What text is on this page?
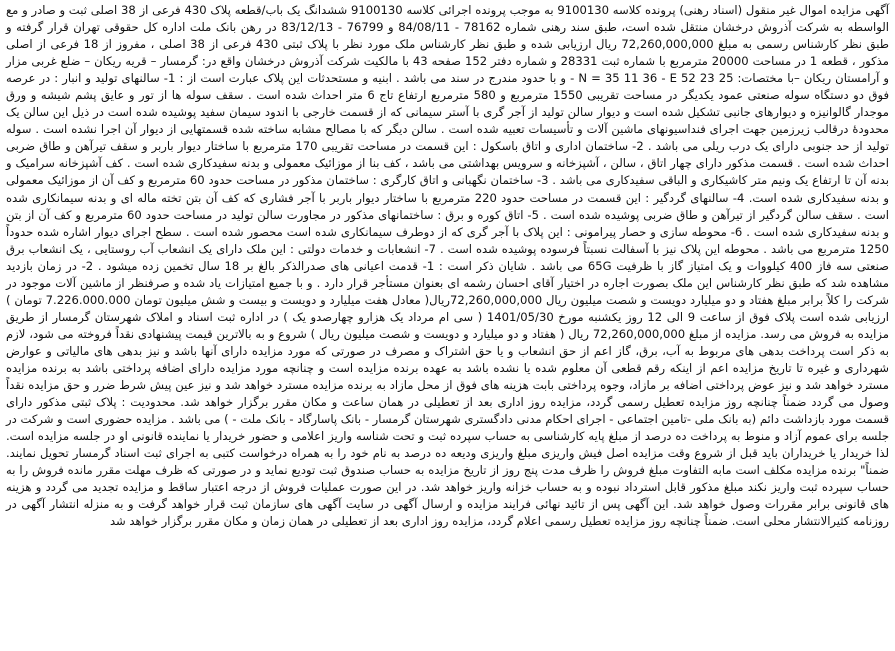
آگهی مزایده اموال غیر منقول (اسناد رهنی) پرونده کلاسه 9100130 به موجب پرونده اجرائی کلاسه 9100130 ششدانگ یک باب/قطعه پلاک 430 فرعی از 38 اصلی ثبت و صادر و مع الواسطه به شرکت آذروش درخشان منتقل شده است، طبق سند رهنی شماره 78162 - 84/08/11 و 76799 - 83/12/13 در رهن بانک ملت اداره کل حقوقی تهران قرار گرفته و طبق نظر کارشناس رسمی به مبلغ 72,260,000,000 ریال ارزیابی شده و طبق نظر کارشناس ملک مورد نظر با پلاک ثبتی 430 فرعی از 38 اصلی ، مفروز از 18 فرعی از اصلی مذکور ، قطعه 1 در مساحت 20000 مترمربع با شماره ثبت 28331 و شماره دفتر 152 صفحه 43 با مالکیت شرکت آذروش درخشان واقع در: گرمسار – قریه ریکان – ضلع غربی مزار و آرامستان ریکان –با مختصات: N = 35 11 36 - E 52 23 25 - و با حدود مندرج در سند می باشد . ابنیه و مستحدثات این پلاک عبارت است از : 1- سالنهای تولید و انبار : در عرصه فوق دو دستگاه سوله صنعتی عمود یکدیگر در مساحت تقریبی 1550 مترمربع و 580 مترمربع ارتفاع تاج 6 متر احداث شده است . سقف سوله ها از تور و عایق پشم شیشه و ورق موجدار گالوانیزه و دیوارهای جانبی تشکیل شده است و دیوار سالن تولید از آجر گری با آستر سیمانی که از قسمت خارجی با اندود سیمان سفید پوشیده شده است در ذیل این سالن یک محدودهٔ درقالب زیرزمین جهت اجرای فنداسیونهای ماشین آلات و تأسیسات تعبیه شده است . سالن دیگر که با مصالح مشابه ساخته شده قسمتهایی از دیوار آن اجرا نشده است . سوله تولید از حد جنوبی دارای یک درب ریلی می باشد . 2- ساختمان اداری و اتاق باسکول : این قسمت در مساحت تقریبی 170 مترمربع با ساختار دیوار باربر و سقف تیرآهن و طاق ضربی احداث شده است . قسمت مذکور دارای چهار اتاق ، سالن ، آشپزخانه و سرویس بهداشتی می باشد ، کف بنا از موزائیک معمولی و بدنه سفیدکاری شده است . کف آشپزخانه سرامیک و بدنه آن تا ارتفاع یک ونیم متر کاشیکاری و الباقی سفیدکاری می باشد . 3- ساختمان نگهبانی و اتاق کارگری : ساختمان مذکور در مساحت حدود 60 مترمربع و کف آن از موزائیک معمولی و بدنه سفیدکاری شده است. 4- سالنهای گردگیر : این قسمت در مساحت حدود 220 مترمربع با ساختار دیوار باربر با آجر فشاری که کف آن بتن تخته ماله ای و بدنه سیمانکاری شده است . سقف سالن گردگیر از تیرآهن و طاق ضربی پوشیده شده است . 5- اتاق کوره و برق : ساختمانهای مذکور در مجاورت سالن تولید در مساحت حدود 60 مترمربع و کف آن از بتن و بدنه سفیدکاری شده است . 6- محوطه سازی و حصار پیرامونی : این پلاک با آجر گری که از دوطرف سیمانکاری شده است محصور شده است . سطح اجرای دیوار اشاره شده حدوداً 1250 مترمربع می باشد . محوطه این پلاک نیز با آسفالت نسبتاً فرسوده پوشیده شده است . 7- انشعابات و خدمات دولتی : این ملک دارای یک انشعاب آب روستایی ، یک انشعاب برق صنعتی سه فاز 400 کیلووات و یک امتیاز گاز با ظرفیت 65G می باشد . شایان ذکر است : 1- قدمت اعیانی های صدرالذکر بالغ بر 18 سال تخمین زده میشود . 2- در زمان بازدید مشاهده شد که طبق نظر کارشناس این ملک بصورت اجاره در اختیار آقای احسان رشمه ای بعنوان مستأجر قرار دارد . و با جمیع امتیازات یاد شده و صرفنظر از ماشین آلات موجود در شرکت را کلاً برابر مبلغ هفتاد و دو میلیارد دویست و شصت میلیون ریال 72,260,000,000ریال( معادل هفت میلیارد و دویست و بیست و شش میلیون تومان 7.226.000.000 تومان ) ارزیابی شده است پلاک فوق از ساعت 9 الی 12 روز یکشنبه مورخ 1401/05/30 ( سی ام مرداد یک هزارو چهارصدو یک ) در اداره ثبت اسناد و املاک شهرستان گرمسار از طریق مزایده به فروش می رسد. مزایده از مبلغ 72,260,000,000 ریال ( هفتاد و دو میلیارد و دویست و شصت میلیون ریال ) شروع و به بالاترین قیمت پیشنهادی نقداً فروخته می شود، لازم به ذکر است پرداخت بدهی های مربوط به آب، برق، گاز اعم از حق انشعاب و یا حق اشتراک و مصرف در صورتی که مورد مزایده دارای آنها باشد و نیز بدهی های مالیاتی و عوارض شهرداری و غیره تا تاریخ مزایده اعم از اینکه رقم قطعی آن معلوم شده یا نشده باشد به عهده برنده مزایده است و چنانچه مورد مزایده دارای اضافه پرداختی باشد به برنده مزایده مسترد خواهد شد و نیز عوض پرداختی اضافه بر مازاد، وجوه پرداختی بابت هزینه های فوق از محل مازاد به برنده مزایده مسترد خواهد شد و نیز عین پیش شرط ضرر و حق مزایده نقداً وصول می گردد ضمناً چنانچه روز مزایده تعطیل رسمی گردد، مزایده روز اداری بعد از تعطیلی در همان ساعت و مکان مقرر برگزار خواهد شد. محدودیت : پلاک ثبتی مذکور دارای قسمت مورد بازداشت دائم (به بانک ملی -تامین اجتماعی - اجرای احکام مدنی دادگستری شهرستان گرمسار - بانک پاسارگاد - بانک ملت - ) می باشد . مزایده حضوری است و شرکت در جلسه برای عموم آزاد و منوط به پرداخت ده درصد از مبلغ پایه کارشناسی به حساب سپرده ثبت و تحت شناسه واریز اعلامی و حضور خریدار یا نماینده قانونی او در جلسه مزایده است. لذا خریدار یا خریداران باید قبل از شروع وقت مزایده اصل فیش واریزی مبلغ واریزی ودیعه ده درصد به نام خود را به همراه درخواست کتبی به اجرای ثبت اسناد گرمسار تحویل نمایند. ضمناً" برنده مزایده مکلف است مابه التفاوت مبلغ فروش را ظرف مدت پنج روز از تاریخ مزایده به حساب صندوق ثبت تودیع نماید و در صورتی که ظرف مهلت مقرر مانده فروش را به حساب سپرده ثبت واریز نکند مبلغ مذکور قابل استرداد نبوده و به حساب خزانه واریز خواهد شد. در این صورت عملیات فروش از درجه اعتبار ساقط و مزایده تجدید می گردد و هزینه های قانونی برابر مقررات وصول خواهد شد. این آگهی پس از تائید نهائی فرایند مزایده و ارسال آگهی در سایت آگهی های سازمان ثبت قرار خواهد گرفت و به منزله انتشار آگهی در روزنامه کثیرالانتشار محلی است. ضمناً چنانچه روز مزایده تعطیل رسمی اعلام گردد، مزایده روز اداری بعد از تعطیلی در همان زمان و مکان مقرر برگزار خواهد شد
